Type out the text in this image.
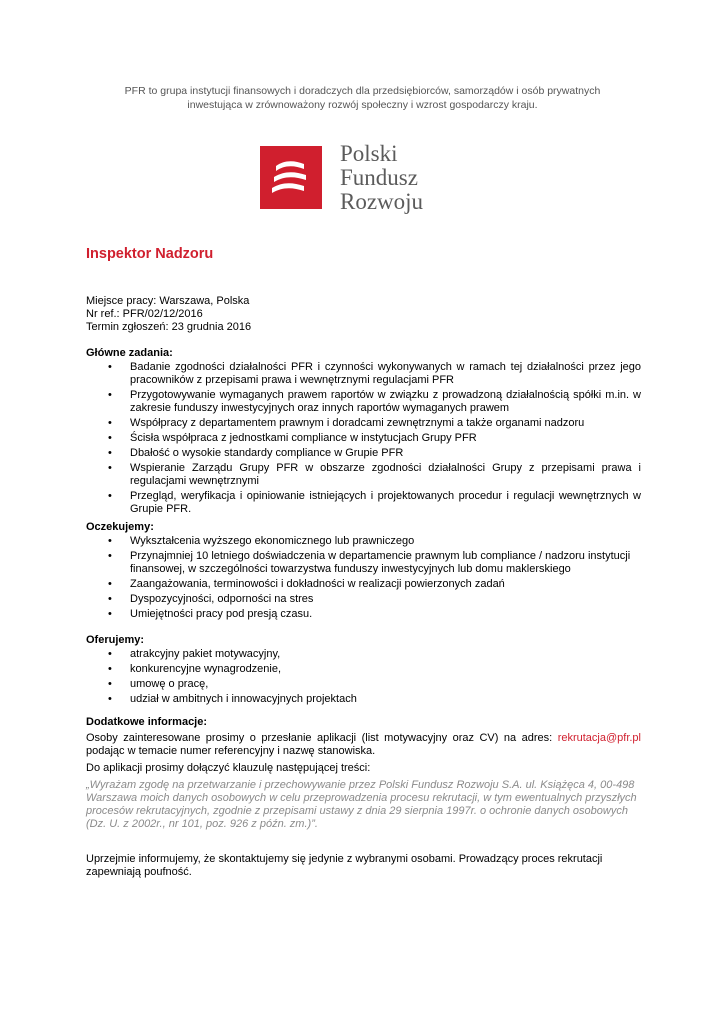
PFR to grupa instytucji finansowych i doradczych dla przedsiębiorców, samorządów i osób prywatnych
inwestująca w zrównoważony rozwój społeczny i wzrost gospodarczy kraju.
Polski
Fundusz
Rozwoju
Inspektor Nadzoru
Miejsce pracy: Warszawa, Polska
Nr ref.: PFR/02/12/2016
Termin zgłoszeń: 23 grudnia 2016
Główne zadania:
• Badanie zgodności działalności PFR i czynności wykonywanych w ramach tej działalności przez jego pracowników z przepisami prawa i wewnętrznymi regulacjami PFR
• Przygotowywanie wymaganych prawem raportów w związku z prowadzoną działalnością spółki m.in. w zakresie funduszy inwestycyjnych oraz innych raportów wymaganych prawem
• Współpracy z departamentem prawnym i doradcami zewnętrznymi a także organami nadzoru
• Ścisła współpraca z jednostkami compliance w instytucjach Grupy PFR
• Dbałość o wysokie standardy compliance w Grupie PFR
• Wspieranie Zarządu Grupy PFR w obszarze zgodności działalności Grupy z przepisami prawa i regulacjami wewnętrznymi
• Przegląd, weryfikacja i opiniowanie istniejących i projektowanych procedur i regulacji wewnętrznych w Grupie PFR.
Oczekujemy:
• Wykształcenia wyższego ekonomicznego lub prawniczego
• Przynajmniej 10 letniego doświadczenia w departamencie prawnym lub compliance / nadzoru instytucji finansowej, w szczególności towarzystwa funduszy inwestycyjnych lub domu maklerskiego
• Zaangażowania, terminowości i dokładności w realizacji powierzonych zadań
• Dyspozycyjności, odporności na stres
• Umiejętności pracy pod presją czasu.
Oferujemy:
• atrakcyjny pakiet motywacyjny,
• konkurencyjne wynagrodzenie,
• umowę o pracę,
• udział w ambitnych i innowacyjnych projektach
Dodatkowe informacje:

Osoby zainteresowane prosimy o przesłanie aplikacji (list motywacyjny oraz CV) na adres: rekrutacja@pfr.pl podając w temacie numer referencyjny i nazwę stanowiska.

Do aplikacji prosimy dołączyć klauzulę następującej treści:

„Wyrażam zgodę na przetwarzanie i przechowywanie przez Polski Fundusz Rozwoju S.A. ul. Książęca 4, 00-498 Warszawa moich danych osobowych w celu przeprowadzenia procesu rekrutacji, w tym ewentualnych przyszłych procesów rekrutacyjnych, zgodnie z przepisami ustawy z dnia 29 sierpnia 1997r. o ochronie danych osobowych (Dz. U. z 2002r., nr 101, poz. 926 z późn. zm.)”.

Uprzejmie informujemy, że skontaktujemy się jedynie z wybranymi osobami. Prowadzący proces rekrutacji zapewniają poufność.
